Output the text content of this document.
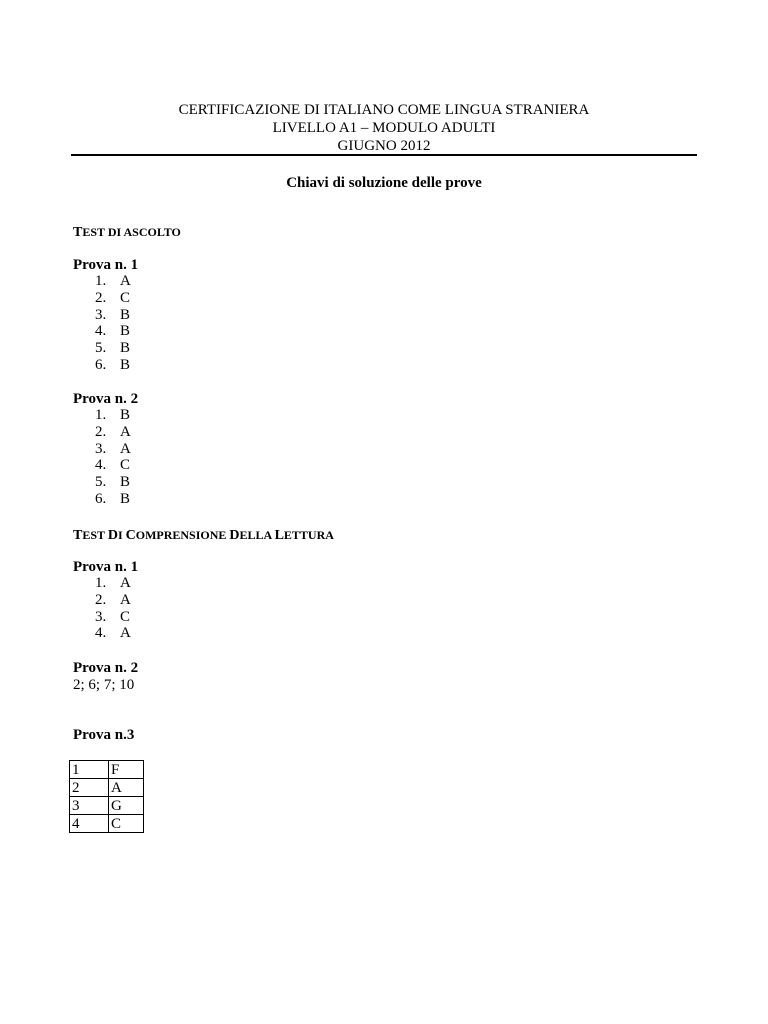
CERTIFICAZIONE DI ITALIANO COME LINGUA STRANIERA
LIVELLO A1 – MODULO ADULTI
GIUGNO 2012
Chiavi di soluzione delle prove
TEST DI ASCOLTO
Prova n. 1
1. A
2. C
3. B
4. B
5. B
6. B
Prova n. 2
1. B
2. A
3. A
4. C
5. B
6. B
TEST DI COMPRENSIONE DELLA LETTURA
Prova n. 1
1. A
2. A
3. C
4. A
Prova n. 2
2; 6; 7; 10
Prova n.3
1	F
2	A
3	G
4	C
